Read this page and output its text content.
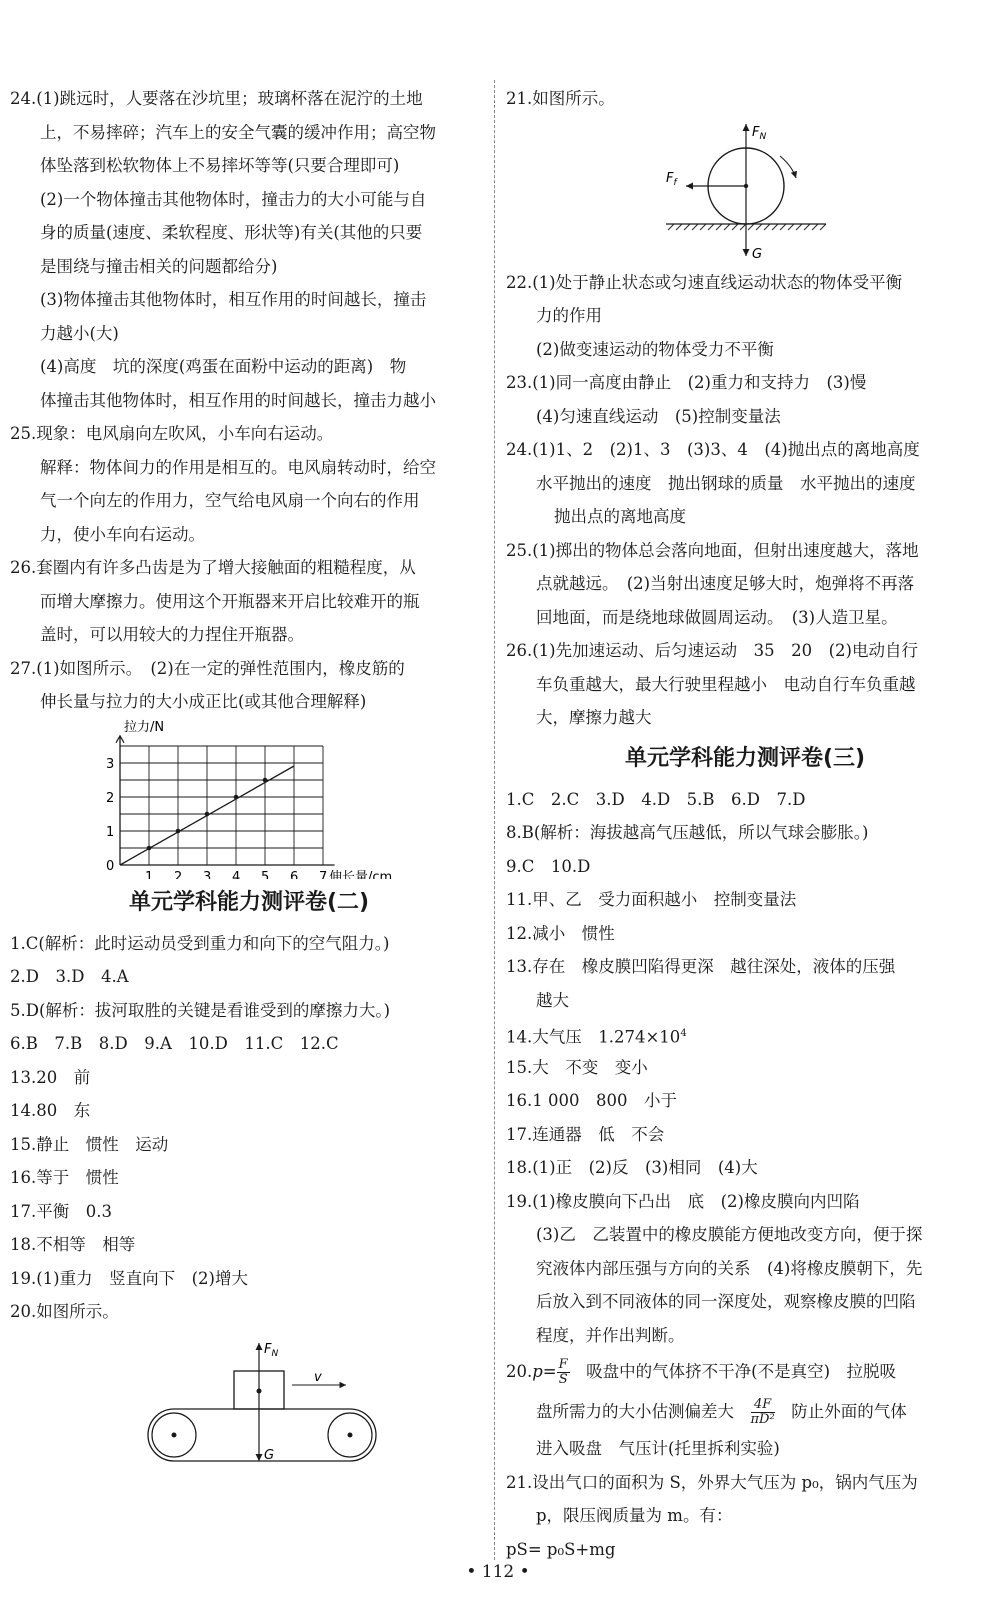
24.(1)跳远时，人要落在沙坑里；玻璃杯落在泥泞的土地
上，不易摔碎；汽车上的安全气囊的缓冲作用；高空物
体坠落到松软物体上不易摔坏等等(只要合理即可)
(2)一个物体撞击其他物体时，撞击力的大小可能与自
身的质量(速度、柔软程度、形状等)有关(其他的只要
是围绕与撞击相关的问题都给分)
(3)物体撞击其他物体时，相互作用的时间越长，撞击
力越小(大)
(4)高度　坑的深度(鸡蛋在面粉中运动的距离)　物
体撞击其他物体时，相互作用的时间越长，撞击力越小
25.现象：电风扇向左吹风，小车向右运动。
解释：物体间力的作用是相互的。电风扇转动时，给空
气一个向左的作用力，空气给电风扇一个向右的作用
力，使小车向右运动。
26.套圈内有许多凸齿是为了增大接触面的粗糙程度，从
而增大摩擦力。使用这个开瓶器来开启比较难开的瓶
盖时，可以用较大的力捏住开瓶器。
27.(1)如图所示。　(2)在一定的弹性范围内，橡皮筋的
伸长量与拉力的大小成正比(或其他合理解释)
1 2 3 4 5 6 7
0
1
2
3
拉力/N
伸长量/cm
单元学科能力测评卷(二)
1.C(解析：此时运动员受到重力和向下的空气阻力。)
2.D　3.D　4.A
5.D(解析：拔河取胜的关键是看谁受到的摩擦力大。)
6.B　7.B　8.D　9.A　10.D　11.C　12.C
13.20　前
14.80　东
15.静止　惯性　运动
16.等于　惯性
17.平衡　0.3
18.不相等　相等
19.(1)重力　竖直向下　(2)增大
20.如图所示。
$F_N$
v
G
21.如图所示。
$F_N$
$F_f$
G
22.(1)处于静止状态或匀速直线运动状态的物体受平衡
力的作用
(2)做变速运动的物体受力不平衡
23.(1)同一高度由静止　(2)重力和支持力　(3)慢
(4)匀速直线运动　(5)控制变量法
24.(1)1、2　(2)1、3　(3)3、4　(4)抛出点的离地高度
水平抛出的速度　抛出钢球的质量　水平抛出的速度
抛出点的离地高度
25.(1)掷出的物体总会落向地面，但射出速度越大，落地
点就越远。　(2)当射出速度足够大时，炮弹将不再落
回地面，而是绕地球做圆周运动。　(3)人造卫星。
26.(1)先加速运动、后匀速运动　35　20　(2)电动自行
车负重越大，最大行驶里程越小　电动自行车负重越
大，摩擦力越大
单元学科能力测评卷(三)
1.C　2.C　3.D　4.D　5.B　6.D　7.D
8.B(解析：海拔越高气压越低，所以气球会膨胀。)
9.C　10.D
11.甲、乙　受力面积越小　控制变量法
12.减小　惯性
13.存在　橡皮膜凹陷得更深　越往深处，液体的压强
越大
14.大气压　$1.274\times 10^4$
15.大　不变　变小
16.1 000　800　小于
17.连通器　低　不会
18.(1)正　(2)反　(3)相同　(4)大
19.(1)橡皮膜向下凸出　底　(2)橡皮膜向内凹陷
(3)乙　乙装置中的橡皮膜能方便地改变方向，便于探
究液体内部压强与方向的关系　(4)将橡皮膜朝下，先
后放入到不同液体的同一深度处，观察橡皮膜的凹陷
程度，并作出判断。
$20.p= \frac{F}{S}$ 　吸盘中的气体挤不干净(不是真空)　拉脱吸
盘所需力的大小估测偏差大　 $\frac{4F}{\text{πD²}}$ 　防止外面的气体
进入吸盘　气压计(托里拆利实验)
21.设出气口的面积为 S，外界大气压为 p₀，锅内气压为
p，限压阀质量为 m。有：
pS= p₀S+mg
• 112 •
